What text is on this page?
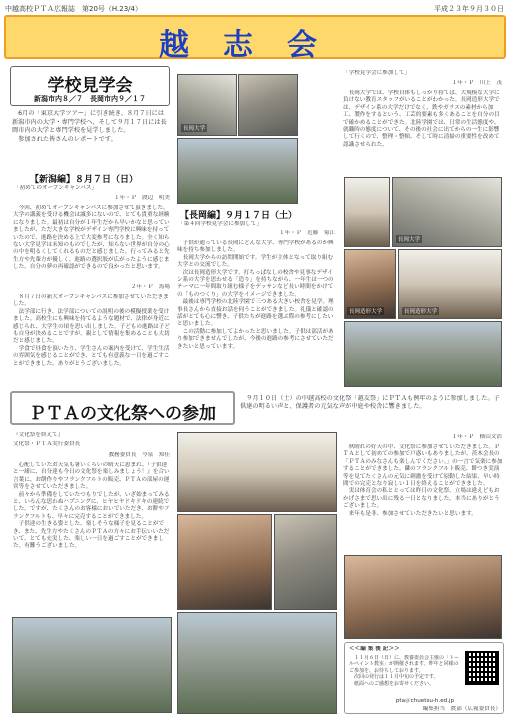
中越高校ＰＴＡ広報誌　第20号（H.23/4）	平成２３年９月３０日
越志会
学校見学会
新潟市内８／７　長岡市内９／１７
　6月の「東京大学ツアー」に引き続き、８月７日には新潟市内の大学・専門学校へ、そして９月１７日には長岡市内の大学と専門学校を見学しました。
　参加された皆さんのレポートです。
【新潟編】８月７日（日）
「初めてのオープンキャンパス」
１年・Ｐ　渡辺　明美
　今回、初めてオープンキャンパスに参加させて頂きました。大学の講義を受ける機会は滅多にないので、とても貴重な経験になりました。最初は自分が１年生だから早いかなと思っていましたが、ただ大きな学校がデザイン専門学校に興味を持っていたので、進路を決める上で大変参考になりました。全く知らない大学見学は未知のものでしたが、知らない世界が自分の心の中を明るくしてくれるものだと感じました。行ってみると先生方や先輩方が優しく、進路の選択肢が広がったように感じました。自分の夢の再確認ができるので良かったと思います。
２年・Ｐ　馬場
　８月７日の新大オープンキャンパスに参加させていただきました。
　法学部に行き、法学部についての説明の後の模擬授業を受けました。高校生にも興味を持てるような題材で、法律が身近に感じられ、大学生の頃を思い出しました。子どもの進路は子ども自身が決めることですが、親として情報を集めることも大切だと感じました。
　学食で昼食を頂いたり、学生さんの案内を受けて、学生生活の雰囲気を感じることができ、とても有意義な一日を過ごすことができました。ありがとうございました。
長岡大学
【長岡編】９月１７日（土）
「第４回学校見学会に参加して」
１年・Ｐ　近藤　菊江
　子供が通っている長岡にどんな大学、専門学校があるのか興味を持ち参加しました。
　長岡大学からの訪問開始です。学生が主体となって取り組む大学との交流でした。
　次は長岡造形大学です。打ちっぱなしの校舎や見事なデザイン系の大学を思わせる「造り」を持ちながら、一年生は一つのテーマに一年間取り組む様子をデッサンなど長い時間をかけての「ものつくり」の大学をイメージできました。
　最後は専門学校の北陸学園で三つある大きい校舎を見学。理事長さんから直接お話を伺うことができました。礼儀と確認の話がとても心に響き、子供たちが進路を選ぶ際の参考にしたいと思いました。
　この活動に参加してよかったと思いました。子供は部活があり参加できませんでしたが、今後の進路の参考にさせていただきたいと思っています。
「学校見学会に参加して」
１年・Ｐ　川上　茂
　長岡大学では、学校自体もしっかり持てば、大規模な大学に負けない教育スタッフがいることがわかった。長岡造形大学では、デザイン系の大学だけでなく、鉄やガラスの素材から加工、製作をするという、工芸的要素も多くあることを自分の目で確かめることができた。北陸学園では、日常の生活態度や、就職時の態度について、その後の社会に出てからの一生に影響して行くので、整理・整頓、そして時に清掃の重要性を改めて認識させられた。
長岡大学
長岡造形大学	長岡造形大学
ＰＴＡの文化祭への参加
　９月１０日（土）の中越高校の文化祭「越友祭」にＰＴＡも例年のように参加しました。子供達の明るい声と、保護者の元気な声が中庭や校舎に響きました。
『文化祭を終えて』
文化祭・ＰＴＡ実行委員長
教務委員長　今泉　知佳
　心配していたお天気も暑いくらいの晴天に恵まれ、『子供達と一緒に、自分達も今日の文化祭を楽しみましょう！』を合い言葉に、お餅作りやフランクフルトの販売、ＰＴＡの部屋の運営等をさせていただきました。
　前々から準備をしていたつもりでしたが、いざ始まってみると、いろんな思わぬハプニングに、ヒヤヒヤドキドキの連続でした。ですが、たくさんのお客様においでいただき、お餅やフランクフルトも、早々に完売することができました。
　子供達の生きる姿とした、楽しそうな様子を見ることができ、また、先生方やたくさんのＰＴＡの方々にお手伝いいただいて、とても充実した、楽しい一日を過ごすことができました。有難うございました。
１年・Ｐ　横山文浩
　秋晴れの好天の中、文化祭に参加させていただきました。ＰＴＡとして初めての参加で戸惑いもありましたが、茨木会長の「ＰＴＡのみなさんも楽しんでください。」の一言で気楽に参加することができました。隣のフランクフルト販売、餅つき実演等を見てたくさんの元気に刺激を受けて原動した結果、早い時間での完売となり寂しい１日を終えることができました。
　実は体育会の私ととっては昨日の文化祭、立場は違えどもおかげさまで思い出に残る一日となりました。本当にありがとうございました。
　来年も是非、参加させていただきたいと思います。
＜＜編 集 後 記＞＞
　１１月６日（日）に、教養委員会主催の「トールペイント教室」が開催されます。昨年と同様のご参加を、お待ちしております。
　次回の発行は１１月中旬の予定です。
　紙面へのご感想をお寄せください。
pta＠chuetsu-h.ed.jp
編集担当　渡部（広報委員長）
